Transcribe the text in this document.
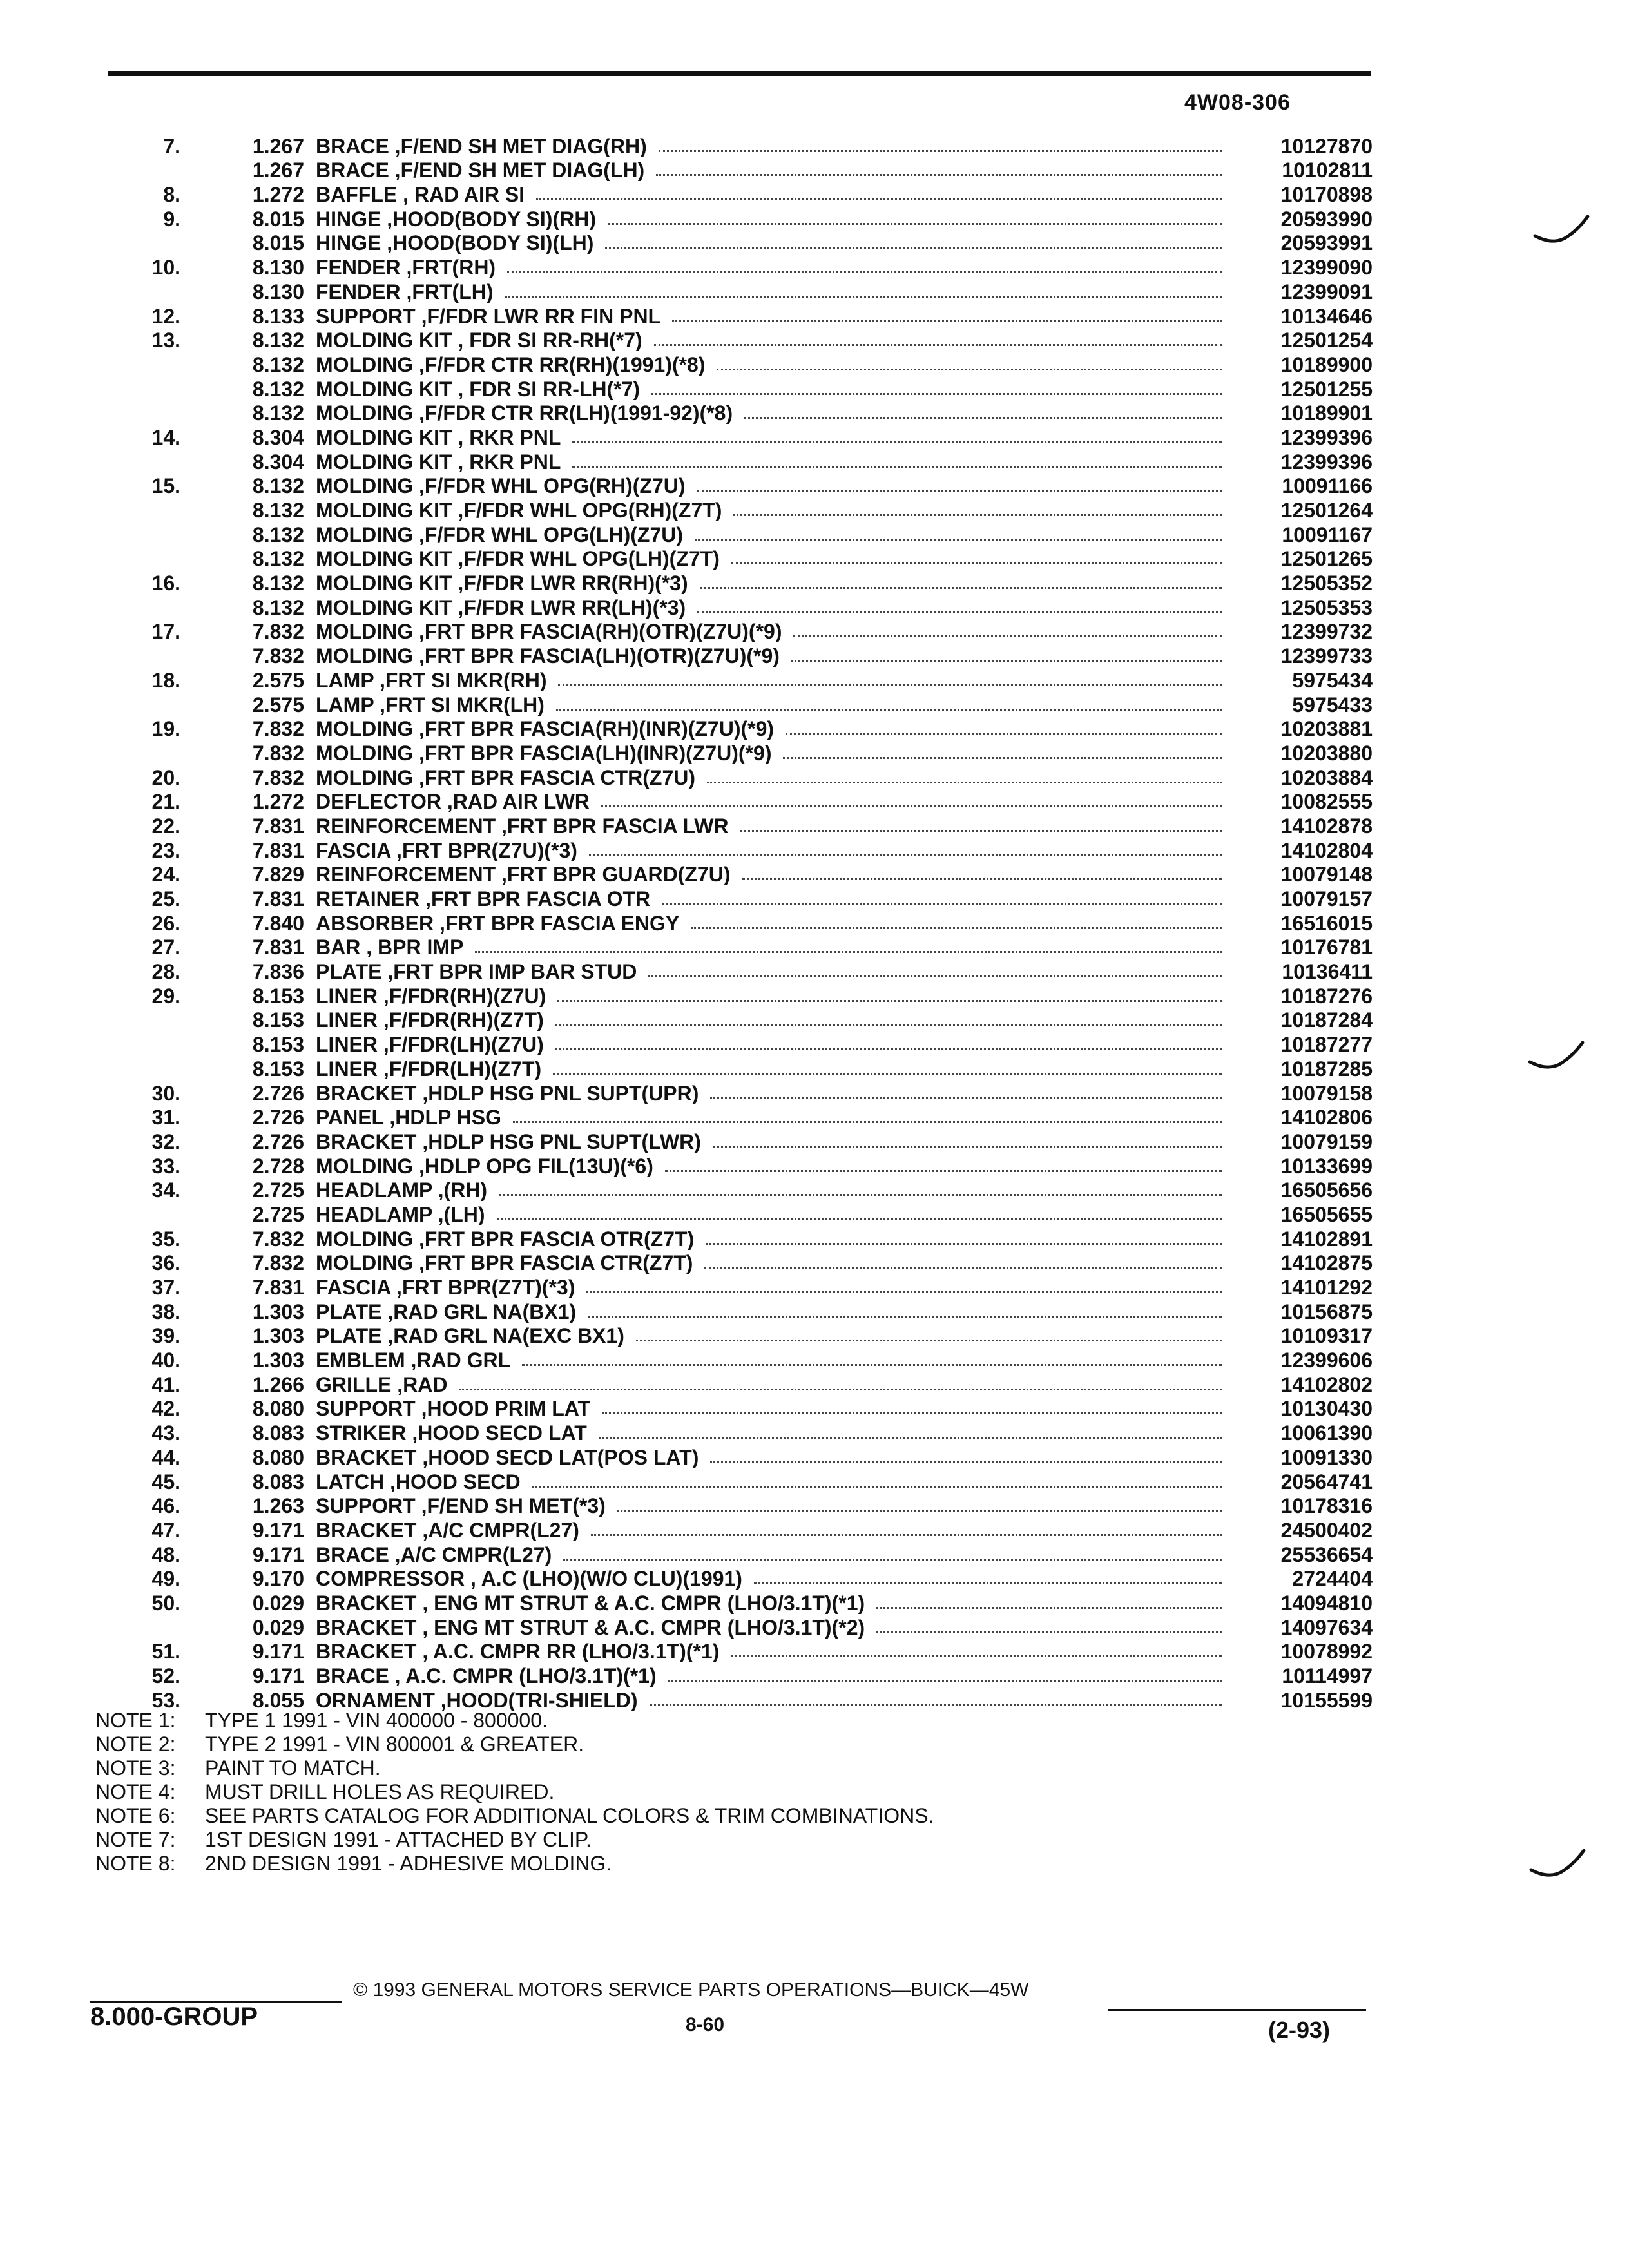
4W08-306
7.	1.267 BRACE ,F/END SH MET DIAG(RH)	10127870
1.267 BRACE ,F/END SH MET DIAG(LH)	10102811
8.	1.272 BAFFLE , RAD AIR SI	10170898
9.	8.015 HINGE ,HOOD(BODY SI)(RH)	20593990
8.015 HINGE ,HOOD(BODY SI)(LH)	20593991
10.	8.130 FENDER ,FRT(RH)	12399090
8.130 FENDER ,FRT(LH)	12399091
12.	8.133 SUPPORT ,F/FDR LWR RR FIN PNL	10134646
13.	8.132 MOLDING KIT , FDR SI RR-RH(*7)	12501254
8.132 MOLDING ,F/FDR CTR RR(RH)(1991)(*8)	10189900
8.132 MOLDING KIT , FDR SI RR-LH(*7)	12501255
8.132 MOLDING ,F/FDR CTR RR(LH)(1991-92)(*8)	10189901
14.	8.304 MOLDING KIT , RKR PNL	12399396
8.304 MOLDING KIT , RKR PNL	12399396
15.	8.132 MOLDING ,F/FDR WHL OPG(RH)(Z7U)	10091166
8.132 MOLDING KIT ,F/FDR WHL OPG(RH)(Z7T)	12501264
8.132 MOLDING ,F/FDR WHL OPG(LH)(Z7U)	10091167
8.132 MOLDING KIT ,F/FDR WHL OPG(LH)(Z7T)	12501265
16.	8.132 MOLDING KIT ,F/FDR LWR RR(RH)(*3)	12505352
8.132 MOLDING KIT ,F/FDR LWR RR(LH)(*3)	12505353
17.	7.832 MOLDING ,FRT BPR FASCIA(RH)(OTR)(Z7U)(*9)	12399732
7.832 MOLDING ,FRT BPR FASCIA(LH)(OTR)(Z7U)(*9)	12399733
18.	2.575 LAMP ,FRT SI MKR(RH)	5975434
2.575 LAMP ,FRT SI MKR(LH)	5975433
19.	7.832 MOLDING ,FRT BPR FASCIA(RH)(INR)(Z7U)(*9)	10203881
7.832 MOLDING ,FRT BPR FASCIA(LH)(INR)(Z7U)(*9)	10203880
20.	7.832 MOLDING ,FRT BPR FASCIA CTR(Z7U)	10203884
21.	1.272 DEFLECTOR ,RAD AIR LWR	10082555
22.	7.831 REINFORCEMENT ,FRT BPR FASCIA LWR	14102878
23.	7.831 FASCIA ,FRT BPR(Z7U)(*3)	14102804
24.	7.829 REINFORCEMENT ,FRT BPR GUARD(Z7U)	10079148
25.	7.831 RETAINER ,FRT BPR FASCIA OTR	10079157
26.	7.840 ABSORBER ,FRT BPR FASCIA ENGY	16516015
27.	7.831 BAR , BPR IMP	10176781
28.	7.836 PLATE ,FRT BPR IMP BAR STUD	10136411
29.	8.153 LINER ,F/FDR(RH)(Z7U)	10187276
8.153 LINER ,F/FDR(RH)(Z7T)	10187284
8.153 LINER ,F/FDR(LH)(Z7U)	10187277
8.153 LINER ,F/FDR(LH)(Z7T)	10187285
30.	2.726 BRACKET ,HDLP HSG PNL SUPT(UPR)	10079158
31.	2.726 PANEL ,HDLP HSG	14102806
32.	2.726 BRACKET ,HDLP HSG PNL SUPT(LWR)	10079159
33.	2.728 MOLDING ,HDLP OPG FIL(13U)(*6)	10133699
34.	2.725 HEADLAMP ,(RH)	16505656
2.725 HEADLAMP ,(LH)	16505655
35.	7.832 MOLDING ,FRT BPR FASCIA OTR(Z7T)	14102891
36.	7.832 MOLDING ,FRT BPR FASCIA CTR(Z7T)	14102875
37.	7.831 FASCIA ,FRT BPR(Z7T)(*3)	14101292
38.	1.303 PLATE ,RAD GRL NA(BX1)	10156875
39.	1.303 PLATE ,RAD GRL NA(EXC BX1)	10109317
40.	1.303 EMBLEM ,RAD GRL	12399606
41.	1.266 GRILLE ,RAD	14102802
42.	8.080 SUPPORT ,HOOD PRIM LAT	10130430
43.	8.083 STRIKER ,HOOD SECD LAT	10061390
44.	8.080 BRACKET ,HOOD SECD LAT(POS LAT)	10091330
45.	8.083 LATCH ,HOOD SECD	20564741
46.	1.263 SUPPORT ,F/END SH MET(*3)	10178316
47.	9.171 BRACKET ,A/C CMPR(L27)	24500402
48.	9.171 BRACE ,A/C CMPR(L27)	25536654
49.	9.170 COMPRESSOR , A.C (LHO)(W/O CLU)(1991)	2724404
50.	0.029 BRACKET , ENG MT STRUT & A.C. CMPR (LHO/3.1T)(*1)	14094810
0.029 BRACKET , ENG MT STRUT & A.C. CMPR (LHO/3.1T)(*2)	14097634
51.	9.171 BRACKET , A.C. CMPR RR (LHO/3.1T)(*1)	10078992
52.	9.171 BRACE , A.C. CMPR (LHO/3.1T)(*1)	10114997
53.	8.055 ORNAMENT ,HOOD(TRI-SHIELD)	10155599
NOTE 1: TYPE 1 1991 - VIN 400000 - 800000.
NOTE 2: TYPE 2 1991 - VIN 800001 & GREATER.
NOTE 3: PAINT TO MATCH.
NOTE 4: MUST DRILL HOLES AS REQUIRED.
NOTE 6: SEE PARTS CATALOG FOR ADDITIONAL COLORS & TRIM COMBINATIONS.
NOTE 7: 1ST DESIGN 1991 - ATTACHED BY CLIP.
NOTE 8: 2ND DESIGN 1991 - ADHESIVE MOLDING.
© 1993 GENERAL MOTORS SERVICE PARTS OPERATIONS—BUICK—45W
8.000-GROUP	8-60	(2-93)
